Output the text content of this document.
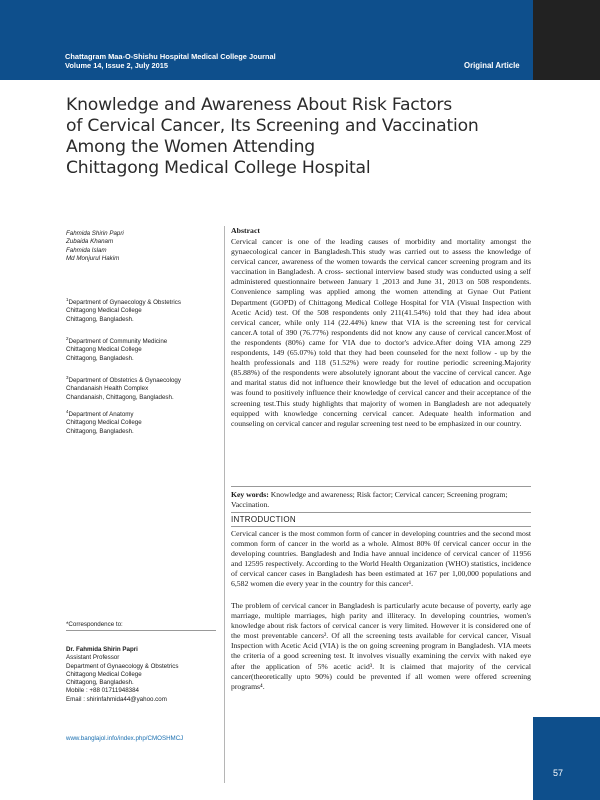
Chattagram Maa-O-Shishu Hospital Medical College Journal
Volume 14, Issue 2, July 2015	Original Article
Knowledge and Awareness About Risk Factors
of Cervical Cancer, Its Screening and Vaccination
Among the Women Attending
Chittagong Medical College Hospital
Fahmida Shirin Papri
Zubaida Khanam
Fahmida Islam
Md Monjurul Hakim
$^1$Department of Gynaecology & Obstetrics
Chittagong Medical College
Chittagong, Bangladesh.
$^2$Department of Community Medicine
Chittagong Medical College
Chittagong, Bangladesh.
$^3$Department of Obstetrics & Gynaecology
Chandanaish Health Complex
Chandanaish, Chittagong, Bangladesh.
$^4$Department of Anatomy
Chittagong Medical College
Chittagong, Bangladesh.
*Correspondence to:
Dr. Fahmida Shirin Papri
Assistant Professor
Department of Gynaecology & Obstetrics
Chittagong Medical College
Chittagong, Bangladesh.
Mobile : +88 01711948384
Email : shirinfahmida44@yahoo.com
www.banglajol.info/index.php/CMOSHMCJ
Abstract
Cervical cancer is one of the leading causes of morbidity and mortality amongst the gynaecological cancer in Bangladesh.This study was carried out to assess the knowledge of cervical cancer, awareness of the women towards the cervical cancer screening program and its vaccination in Bangladesh. A cross- sectional interview based study was conducted using a self administered questionnaire between January 1 ,2013 and June 31, 2013 on 508 respondents. Convenience sampling was applied among the women attending at Gynae Out Patient Department (GOPD) of Chittagong Medical College Hospital for VIA (Visual Inspection with Acetic Acid) test. Of the 508 respondents only 211(41.54%) told that they had idea about cervical cancer, while only 114 (22.44%) knew that VIA is the screening test for cervical cancer.A total of 390 (76.77%) respondents did not know any cause of cervical cancer.Most of the respondents (80%) came for VIA due to doctor's advice.After doing VIA among 229 respondents, 149 (65.07%) told that they had been counseled for the next follow - up by the health professionals and 118 (51.52%) were ready for routine periodic screening.Majority (85.88%) of the respondents were absolutely ignorant about the vaccine of cervical cancer. Age and marital status did not influence their knowledge but the level of education and occupation was found to positively influence their knowledge of cervical cancer and their acceptance of the screening test.This study highlights that majority of women in Bangladesh are not adequately equipped with knowledge concerning cervical cancer. Adequate health information and counseling on cervical cancer and regular screening test need to be emphasized in our country.
Key words: Knowledge and awareness; Risk factor; Cervical cancer; Screening program; Vaccination.
INTRODUCTION
Cervical cancer is the most common form of cancer in developing countries and the second most common form of cancer in the world as a whole. Almost 80% 0f cervical cancer occur in the developing countries. Bangladesh and India have annual incidence of cervical cancer of 11956 and 12595 respectively. According to the World Health Organization (WHO) statistics, incidence of cervical cancer cases in Bangladesh has been estimated at 167 per 1,00,000 populations and 6,582 women die every year in the country for this cancer¹.
The problem of cervical cancer in Bangladesh is particularly acute because of poverty, early age marriage, multiple marriages, high parity and illiteracy. In developing countries, women's knowledge about risk factors of cervical cancer is very limited. However it is considered one of the most preventable cancers². Of all the screening tests available for cervical cancer, Visual Inspection with Acetic Acid (VIA) is the on going screening program in Bangladesh. VIA meets the criteria of a good screening test. It involves visually examining the cervix with naked eye after the application of 5% acetic acid³. It is claimed that majority of the cervical cancer(theoretically upto 90%) could be prevented if all women were offered screening programs⁴.
57
